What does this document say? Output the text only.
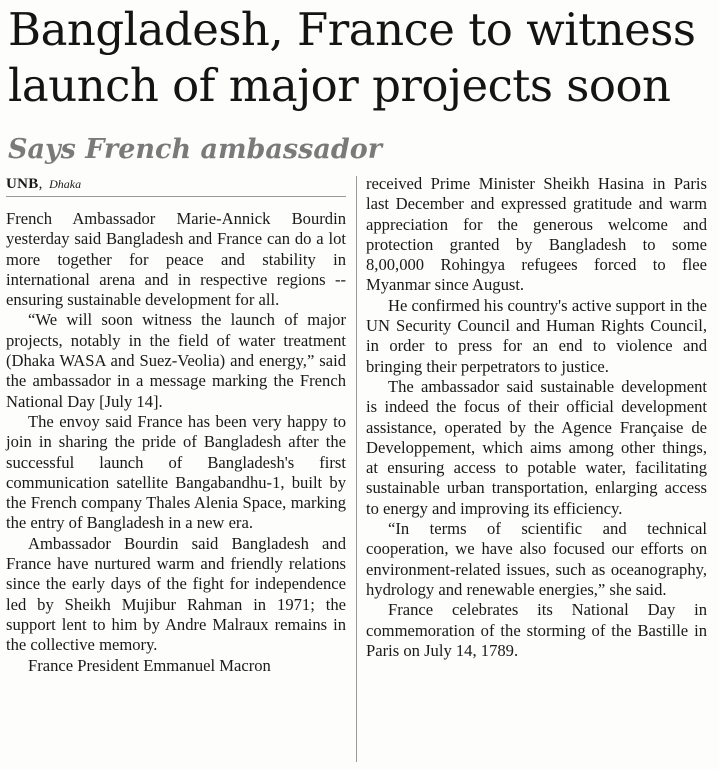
Bangladesh, France to witness
launch of major projects soon
Says French ambassador
UNB, Dhaka

French Ambassador Marie-Annick Bourdin yesterday said Bangladesh and France can do a lot more together for peace and stability in international arena and in respective regions -- ensuring sustainable development for all.

“We will soon witness the launch of major projects, notably in the field of water treatment (Dhaka WASA and Suez-Veolia) and energy,” said the ambassador in a message marking the French National Day [July 14].

The envoy said France has been very happy to join in sharing the pride of Bangladesh after the successful launch of Bangladesh's first communication satellite Bangabandhu-1, built by the French company Thales Alenia Space, marking the entry of Bangladesh in a new era.

Ambassador Bourdin said Bangladesh and France have nurtured warm and friendly relations since the early days of the fight for independence led by Sheikh Mujibur Rahman in 1971; the support lent to him by Andre Malraux remains in the collective memory.

France President Emmanuel Macron

received Prime Minister Sheikh Hasina in Paris last December and expressed gratitude and warm appreciation for the generous welcome and protection granted by Bangladesh to some 8,00,000 Rohingya refugees forced to flee Myanmar since August.

He confirmed his country's active support in the UN Security Council and Human Rights Council, in order to press for an end to violence and bringing their perpetrators to justice.

The ambassador said sustainable development is indeed the focus of their official development assistance, operated by the Agence Française de Developpement, which aims among other things, at ensuring access to potable water, facilitating sustainable urban transportation, enlarging access to energy and improving its efficiency.

“In terms of scientific and technical cooperation, we have also focused our efforts on environment-related issues, such as oceanography, hydrology and renewable energies,” she said.

France celebrates its National Day in commemoration of the storming of the Bastille in Paris on July 14, 1789.
